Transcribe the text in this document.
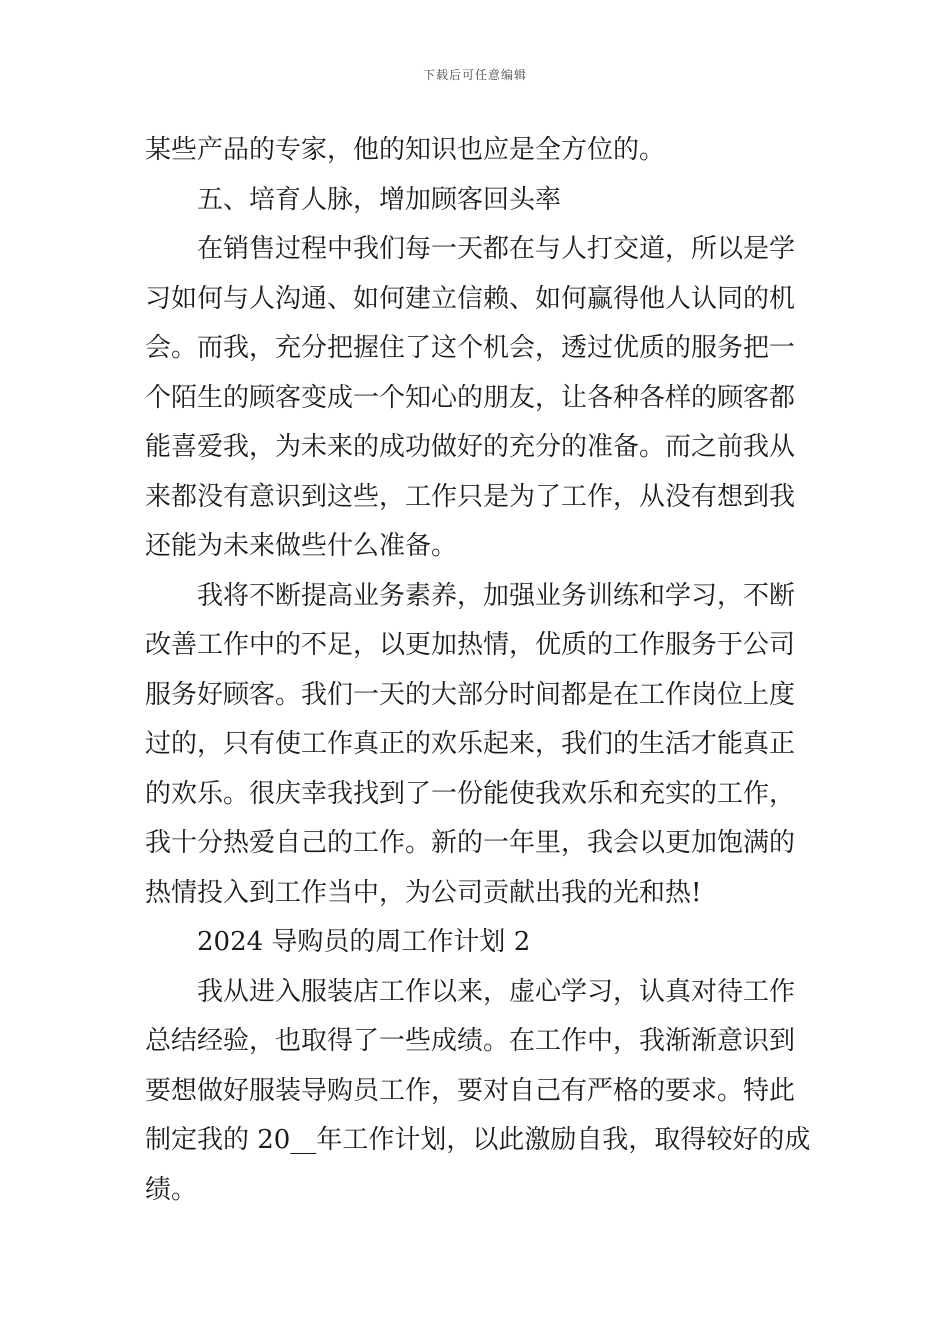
下载后可任意编辑
某些产品的专家，他的知识也应是全方位的。
五、培育人脉，增加顾客回头率
在销售过程中我们每一天都在与人打交道，所以是学
习如何与人沟通、如何建立信赖、如何赢得他人认同的机
会。而我，充分把握住了这个机会，透过优质的服务把一
个陌生的顾客变成一个知心的朋友，让各种各样的顾客都
能喜爱我，为未来的成功做好的充分的准备。而之前我从
来都没有意识到这些，工作只是为了工作，从没有想到我
还能为未来做些什么准备。
我将不断提高业务素养，加强业务训练和学习，不断
改善工作中的不足，以更加热情，优质的工作服务于公司
服务好顾客。我们一天的大部分时间都是在工作岗位上度
过的，只有使工作真正的欢乐起来，我们的生活才能真正
的欢乐。很庆幸我找到了一份能使我欢乐和充实的工作，
我十分热爱自己的工作。新的一年里，我会以更加饱满的
热情投入到工作当中，为公司贡献出我的光和热!
2024 导购员的周工作计划 2
我从进入服装店工作以来，虚心学习，认真对待工作
总结经验，也取得了一些成绩。在工作中，我渐渐意识到
要想做好服装导购员工作，要对自己有严格的要求。特此
制定我的 20__年工作计划，以此激励自我，取得较好的成
绩。
